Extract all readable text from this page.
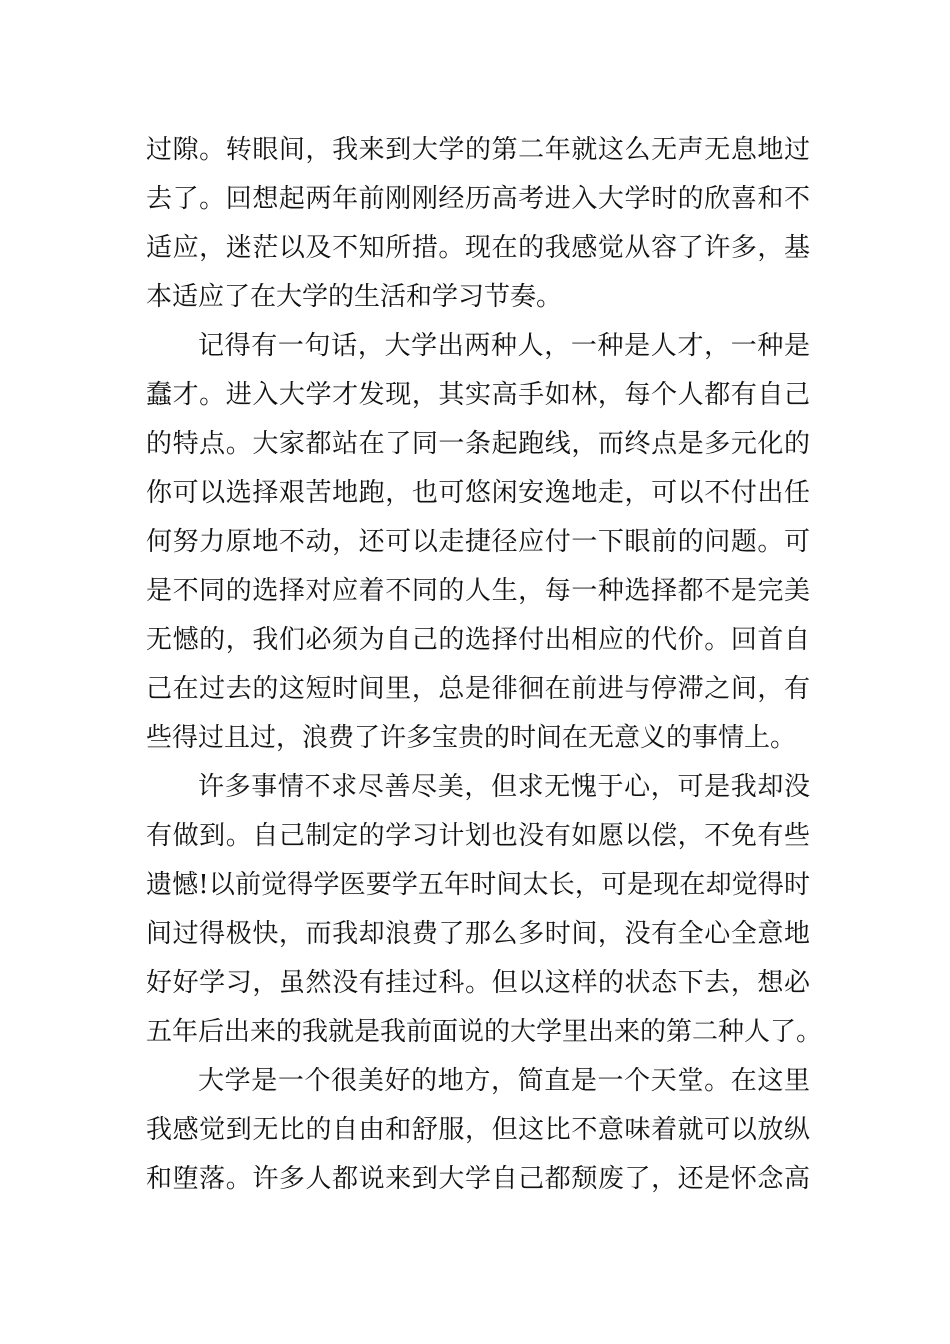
过隙。转眼间，我来到大学的第二年就这么无声无息地过
去了。回想起两年前刚刚经历高考进入大学时的欣喜和不
适应，迷茫以及不知所措。现在的我感觉从容了许多，基
本适应了在大学的生活和学习节奏。
记得有一句话，大学出两种人，一种是人才，一种是
蠢才。进入大学才发现，其实高手如林，每个人都有自己
的特点。大家都站在了同一条起跑线，而终点是多元化的
你可以选择艰苦地跑，也可悠闲安逸地走，可以不付出任
何努力原地不动，还可以走捷径应付一下眼前的问题。可
是不同的选择对应着不同的人生，每一种选择都不是完美
无憾的，我们必须为自己的选择付出相应的代价。回首自
己在过去的这短时间里，总是徘徊在前进与停滞之间，有
些得过且过，浪费了许多宝贵的时间在无意义的事情上。
许多事情不求尽善尽美，但求无愧于心，可是我却没
有做到。自己制定的学习计划也没有如愿以偿，不免有些
遗憾!以前觉得学医要学五年时间太长，可是现在却觉得时
间过得极快，而我却浪费了那么多时间，没有全心全意地
好好学习，虽然没有挂过科。但以这样的状态下去，想必
五年后出来的我就是我前面说的大学里出来的第二种人了。
大学是一个很美好的地方，简直是一个天堂。在这里
我感觉到无比的自由和舒服，但这比不意味着就可以放纵
和堕落。许多人都说来到大学自己都颓废了，还是怀念高
